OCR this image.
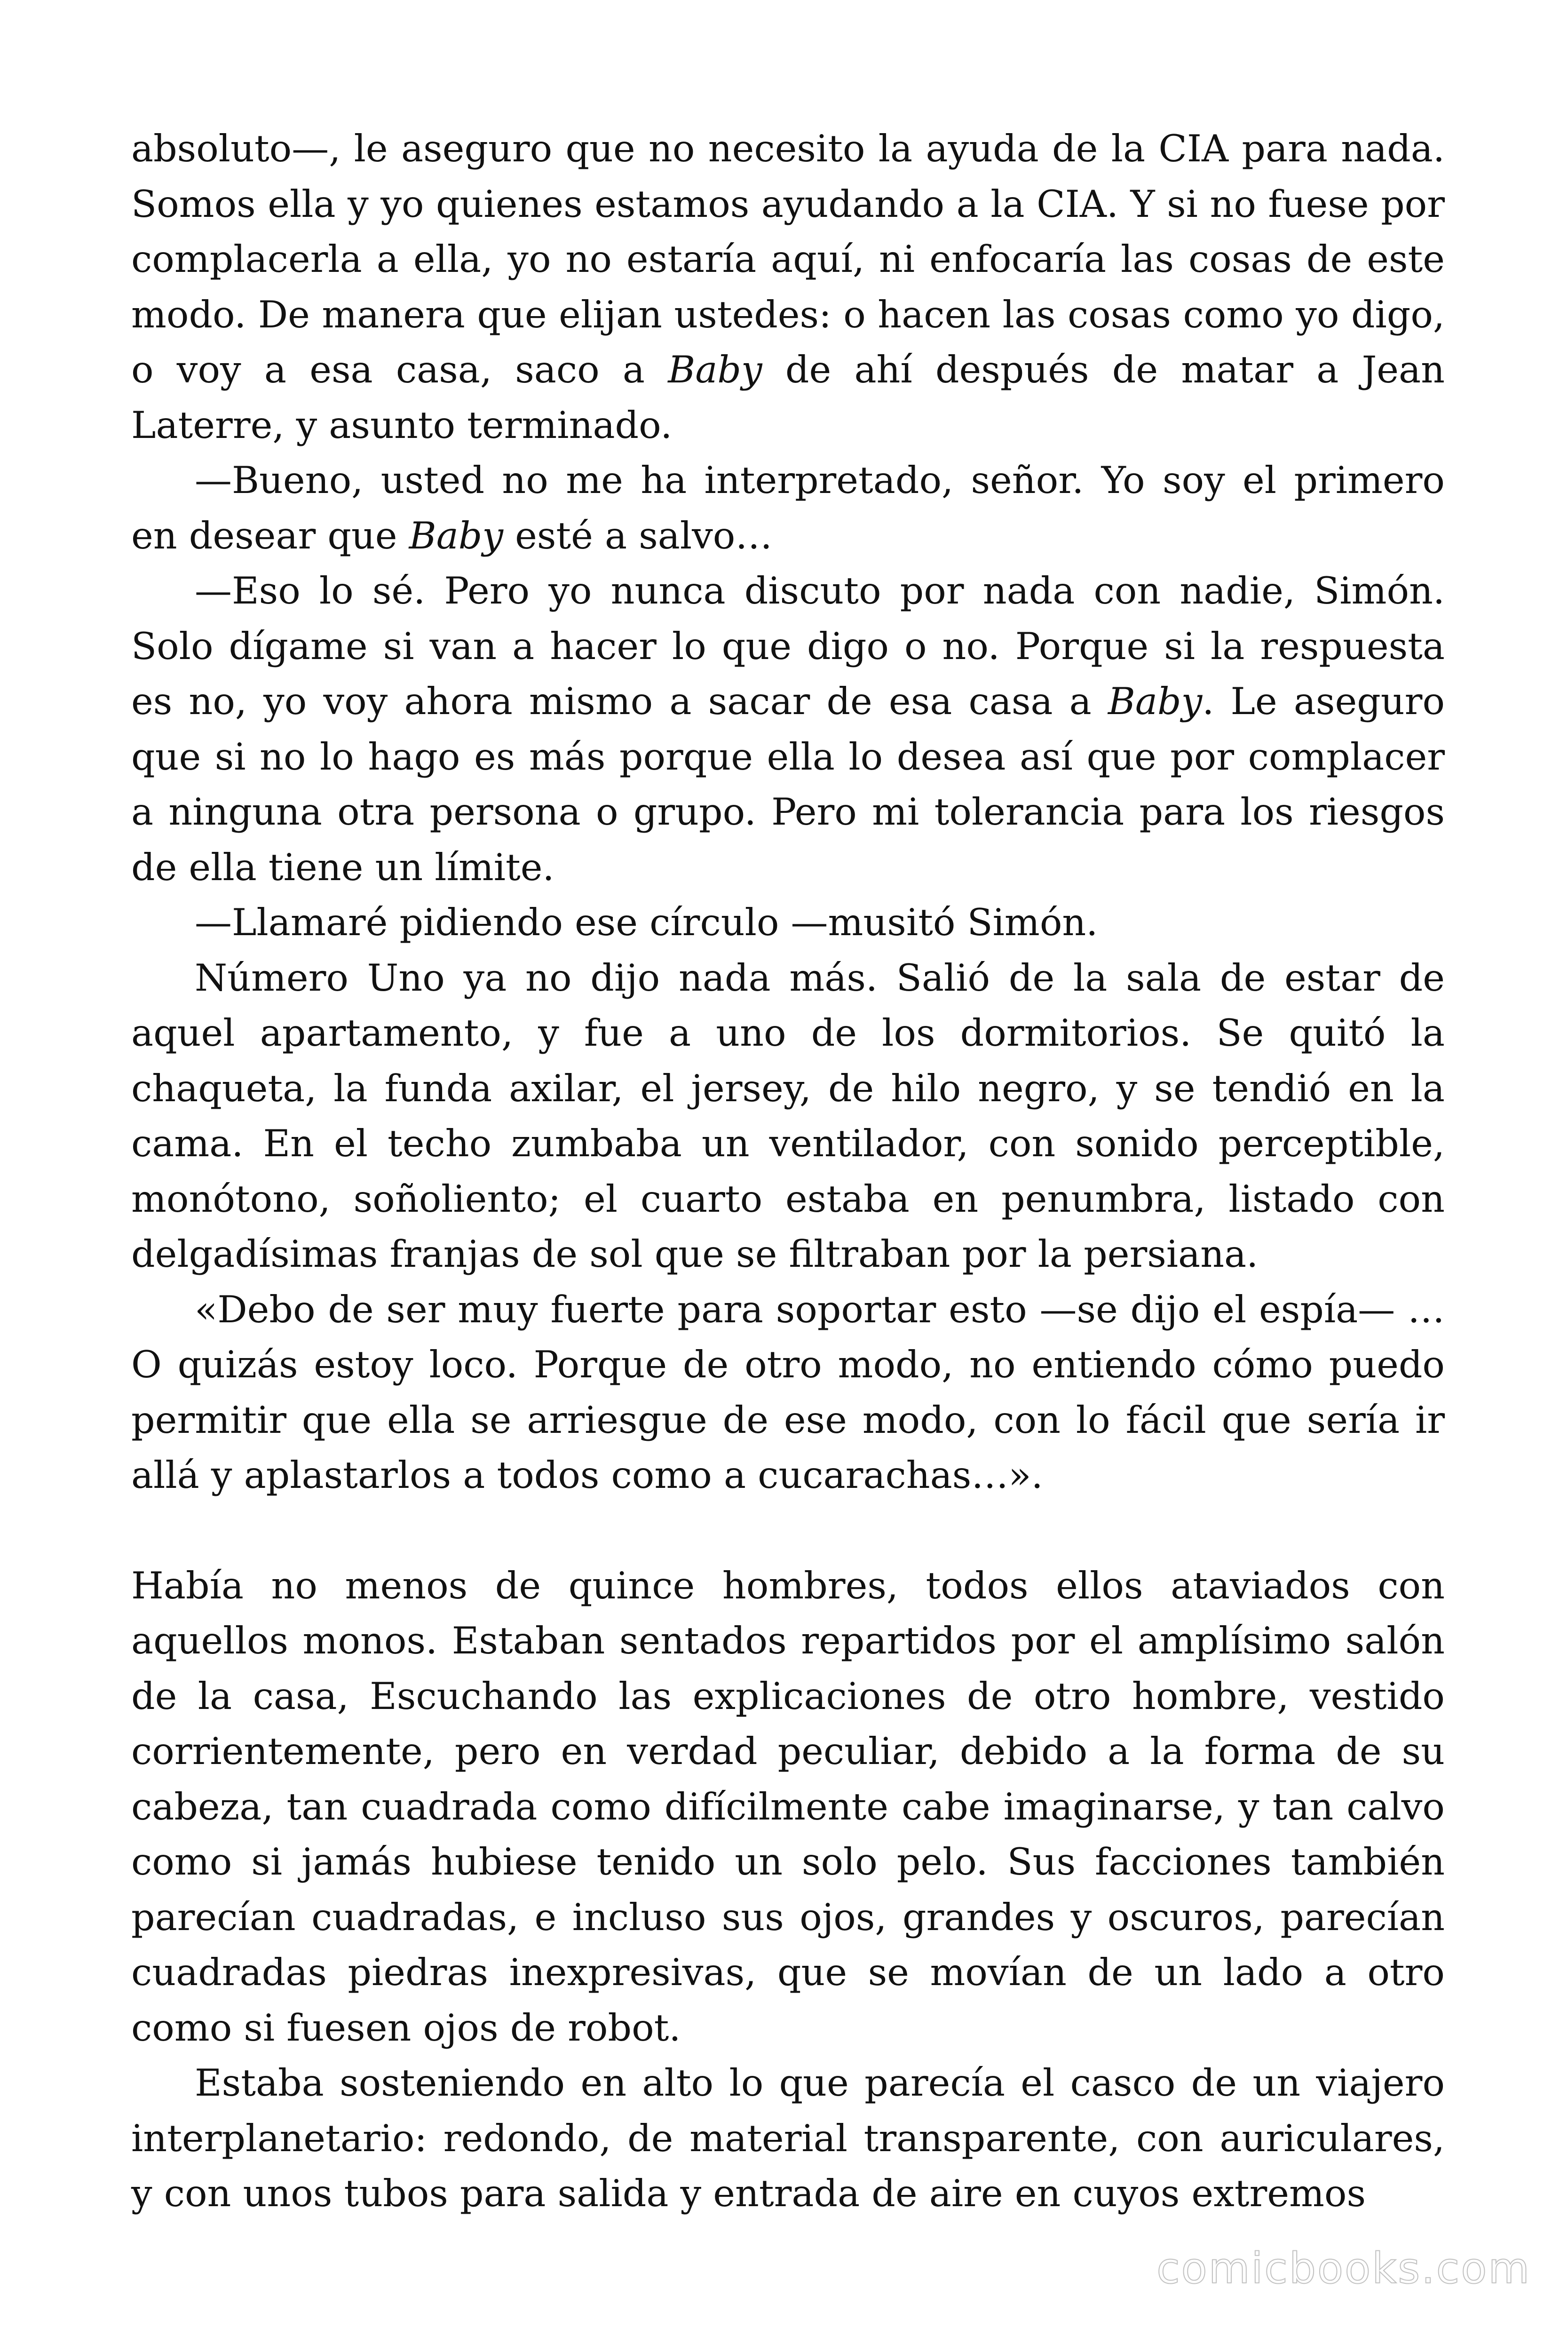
absoluto—, le aseguro que no necesito la ayuda de la CIA para nada. Somos ella y yo quienes estamos ayudando a la CIA. Y si no fuese por complacerla a ella, yo no estaría aquí, ni enfocaría las cosas de este modo. De manera que elijan ustedes: o hacen las cosas como yo digo, o voy a esa casa, saco a Baby de ahí después de matar a Jean Laterre, y asunto terminado.

—Bueno, usted no me ha interpretado, señor. Yo soy el primero en desear que Baby esté a salvo…

—Eso lo sé. Pero yo nunca discuto por nada con nadie, Simón. Solo dígame si van a hacer lo que digo o no. Porque si la respuesta es no, yo voy ahora mismo a sacar de esa casa a Baby. Le aseguro que si no lo hago es más porque ella lo desea así que por complacer a ninguna otra persona o grupo. Pero mi tolerancia para los riesgos de ella tiene un límite.

—Llamaré pidiendo ese círculo —musitó Simón.

Número Uno ya no dijo nada más. Salió de la sala de estar de aquel apartamento, y fue a uno de los dormitorios. Se quitó la chaqueta, la funda axilar, el jersey, de hilo negro, y se tendió en la cama. En el techo zumbaba un ventilador, con sonido perceptible, monótono, soñoliento; el cuarto estaba en penumbra, listado con delgadísimas franjas de sol que se filtraban por la persiana.

«Debo de ser muy fuerte para soportar esto —se dijo el espía— … O quizás estoy loco. Porque de otro modo, no entiendo cómo puedo permitir que ella se arriesgue de ese modo, con lo fácil que sería ir allá y aplastarlos a todos como a cucarachas…».

Había no menos de quince hombres, todos ellos ataviados con aquellos monos. Estaban sentados repartidos por el amplísimo salón de la casa, Escuchando las explicaciones de otro hombre, vestido corrientemente, pero en verdad peculiar, debido a la forma de su cabeza, tan cuadrada como difícilmente cabe imaginarse, y tan calvo como si jamás hubiese tenido un solo pelo. Sus facciones también parecían cuadradas, e incluso sus ojos, grandes y oscuros, parecían cuadradas piedras inexpresivas, que se movían de un lado a otro como si fuesen ojos de robot.

Estaba sosteniendo en alto lo que parecía el casco de un viajero interplanetario: redondo, de material transparente, con auriculares, y con unos tubos para salida y entrada de aire en cuyos extremos

comicbooks.com
